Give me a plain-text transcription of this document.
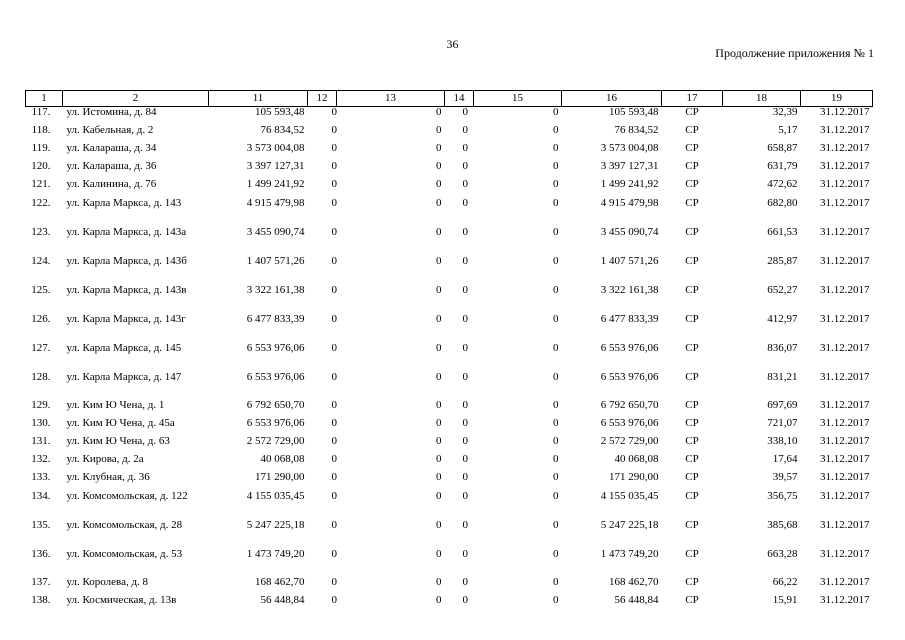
36
Продолжение приложения № 1
1	2	11	12	13	14	15	16	17	18	19
117.	ул. Истомина, д. 84	105 593,48	0	0	0	0	105 593,48	СР	32,39	31.12.2017
118.	ул. Кабельная, д. 2	76 834,52	0	0	0	0	76 834,52	СР	5,17	31.12.2017
119.	ул. Калараша, д. 34	3 573 004,08	0	0	0	0	3 573 004,08	СР	658,87	31.12.2017
120.	ул. Калараша, д. 36	3 397 127,31	0	0	0	0	3 397 127,31	СР	631,79	31.12.2017
121.	ул. Калинина, д. 76	1 499 241,92	0	0	0	0	1 499 241,92	СР	472,62	31.12.2017
122.	ул. Карла Маркса, д. 143	4 915 479,98	0	0	0	0	4 915 479,98	СР	682,80	31.12.2017
123.	ул. Карла Маркса, д. 143а	3 455 090,74	0	0	0	0	3 455 090,74	СР	661,53	31.12.2017
124.	ул. Карла Маркса, д. 143б	1 407 571,26	0	0	0	0	1 407 571,26	СР	285,87	31.12.2017
125.	ул. Карла Маркса, д. 143в	3 322 161,38	0	0	0	0	3 322 161,38	СР	652,27	31.12.2017
126.	ул. Карла Маркса, д. 143г	6 477 833,39	0	0	0	0	6 477 833,39	СР	412,97	31.12.2017
127.	ул. Карла Маркса, д. 145	6 553 976,06	0	0	0	0	6 553 976,06	СР	836,07	31.12.2017
128.	ул. Карла Маркса, д. 147	6 553 976,06	0	0	0	0	6 553 976,06	СР	831,21	31.12.2017
129.	ул. Ким Ю Чена, д. 1	6 792 650,70	0	0	0	0	6 792 650,70	СР	697,69	31.12.2017
130.	ул. Ким Ю Чена, д. 45а	6 553 976,06	0	0	0	0	6 553 976,06	СР	721,07	31.12.2017
131.	ул. Ким Ю Чена, д. 63	2 572 729,00	0	0	0	0	2 572 729,00	СР	338,10	31.12.2017
132.	ул. Кирова, д. 2а	40 068,08	0	0	0	0	40 068,08	СР	17,64	31.12.2017
133.	ул. Клубная, д. 36	171 290,00	0	0	0	0	171 290,00	СР	39,57	31.12.2017
134.	ул. Комсомольская, д. 122	4 155 035,45	0	0	0	0	4 155 035,45	СР	356,75	31.12.2017
135.	ул. Комсомольская, д. 28	5 247 225,18	0	0	0	0	5 247 225,18	СР	385,68	31.12.2017
136.	ул. Комсомольская, д. 53	1 473 749,20	0	0	0	0	1 473 749,20	СР	663,28	31.12.2017
137.	ул. Королева, д. 8	168 462,70	0	0	0	0	168 462,70	СР	66,22	31.12.2017
138.	ул. Космическая, д. 13в	56 448,84	0	0	0	0	56 448,84	СР	15,91	31.12.2017
